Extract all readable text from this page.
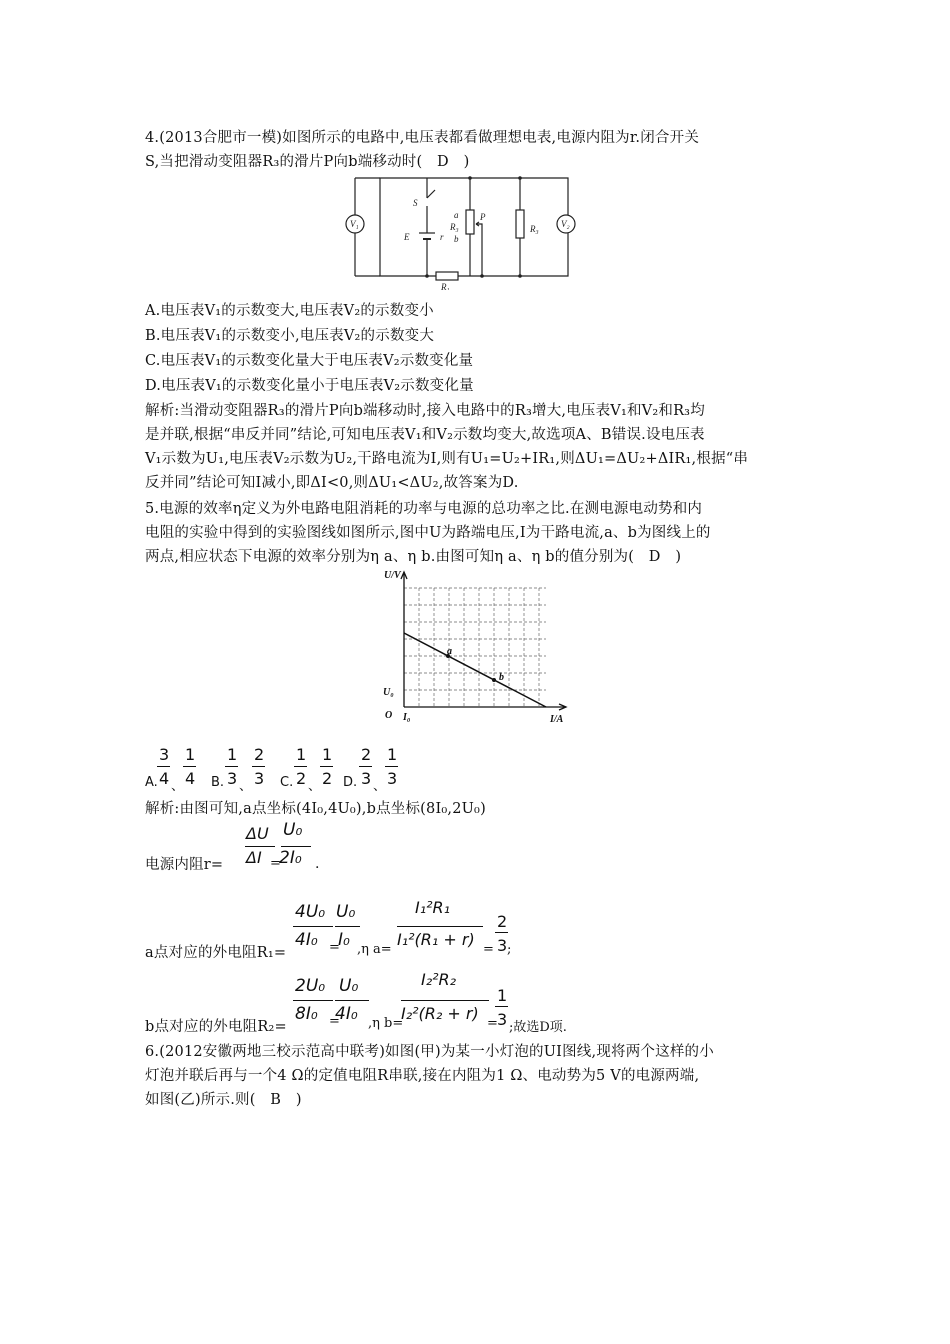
4.(2013合肥市一模)如图所示的电路中,电压表都看做理想电表,电源内阻为r.闭合开关
S,当把滑动变阻器R₃的滑片P向b端移动时(　D　)
V₁	V₂
S
E	r
a
b
P
R₃	R₃
R₁
A.电压表V₁的示数变大,电压表V₂的示数变小
B.电压表V₁的示数变小,电压表V₂的示数变大
C.电压表V₁的示数变化量大于电压表V₂示数变化量
D.电压表V₁的示数变化量小于电压表V₂示数变化量
解析:当滑动变阻器R₃的滑片P向b端移动时,接入电路中的R₃增大,电压表V₁和V₂和R₃均
是并联,根据“串反并同”结论,可知电压表V₁和V₂示数均变大,故选项A、B错误.设电压表
V₁示数为U₁,电压表V₂示数为U₂,干路电流为I,则有U₁=U₂+IR₁,则ΔU₁=ΔU₂+ΔIR₁,根据“串
反并同”结论可知I减小,即ΔI<0,则ΔU₁<ΔU₂,故答案为D.
5.电源的效率η定义为外电路电阻消耗的功率与电源的总功率之比.在测电源电动势和内
电阻的实验中得到的实验图线如图所示,图中U为路端电压,I为干路电流,a、b为图线上的
两点,相应状态下电源的效率分别为η a、η b.由图可知η a、η b的值分别为(　D　)
U/V
I/A
O
U₀
I₀
a
b
A.
3
4 、
1
4 B.
1
3 、
2
3 C.
1
2 、
1
2 D.
2
3 、
1
3
解析:由图可知,a点坐标(4I₀,4U₀),b点坐标(8I₀,2U₀)
电源内阻r=
ΔU
ΔI =
U₀
2I₀ .
a点对应的外电阻R₁=
4U₀
4I₀ =
U₀
I₀ ,η a=
I₁²R₁
I₁²(R₁ + r)
=
2
3 ;
b点对应的外电阻R₂=
2U₀
8I₀ =
U₀
4I₀ ,η b=
I₂²R₂
I₂²(R₂ + r)
=
1
3 ;故选D项.
6.(2012安徽两地三校示范高中联考)如图(甲)为某一小灯泡的UI图线,现将两个这样的小
灯泡并联后再与一个4 Ω的定值电阻R串联,接在内阻为1 Ω、电动势为5 V的电源两端,
如图(乙)所示.则(　B　)
